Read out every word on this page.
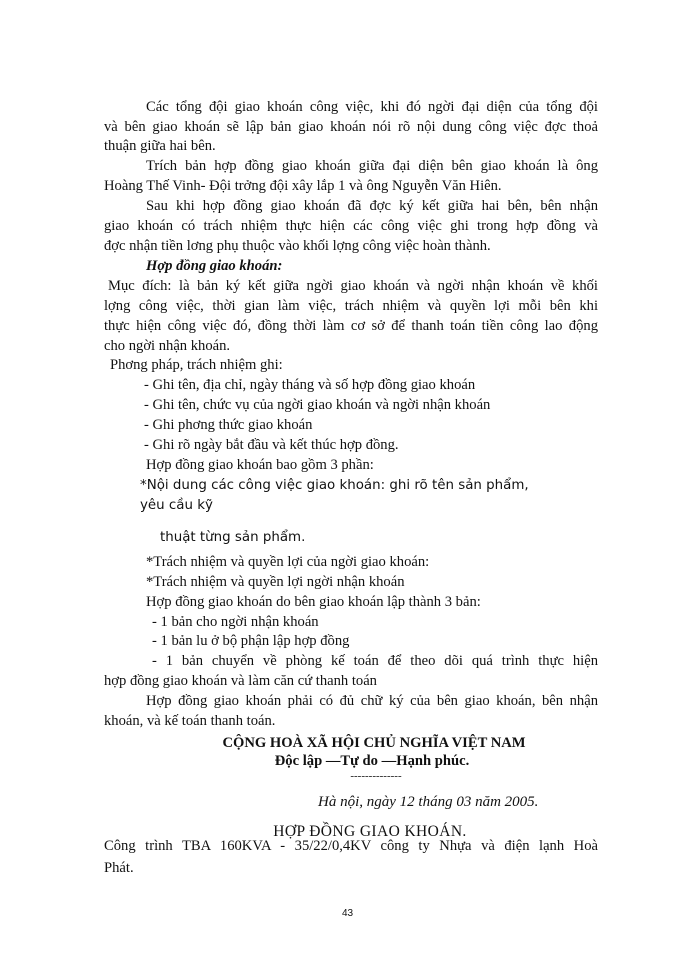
Các tổng đội giao khoán công việc, khi đó ngời đại diện của tổng đội
và bên giao khoán sẽ lập bản giao khoán nói rõ nội dung công việc đợc thoả
thuận giữa hai bên.
Trích bản hợp đồng giao khoán giữa đại diện bên giao khoán là ông
Hoàng Thế Vinh- Đội trởng đội xây lắp 1 và ông Nguyễn Văn Hiên.
Sau khi hợp đồng giao khoán đã đợc ký kết giữa hai bên, bên nhận
giao khoán có trách nhiệm thực hiện các công việc ghi trong hợp đồng và
đợc nhận tiền lơng phụ thuộc vào khối lợng công việc hoàn thành.
Hợp đồng giao khoán:
Mục đích: là bản ký kết giữa ngời giao khoán và ngời nhận khoán về khối
lợng công việc, thời gian làm việc, trách nhiệm và quyền lợi mỗi bên khi
thực hiện công việc đó, đồng thời làm cơ sở để thanh toán tiền công lao động
cho ngời nhận khoán.
Phơng pháp, trách nhiệm ghi:
- Ghi tên, địa chỉ, ngày tháng và số hợp đồng giao khoán
- Ghi tên, chức vụ của ngời giao khoán và ngời nhận khoán
- Ghi phơng thức giao khoán
- Ghi rõ ngày bắt đầu và kết thúc hợp đồng.
Hợp đồng giao khoán bao gồm 3 phần:
*Nội dung các công việc giao khoán: ghi rõ tên sản phẩm,
yêu cầu kỹ
thuật từng sản phẩm.
*Trách nhiệm và quyền lợi của ngời giao khoán:
*Trách nhiệm và quyền lợi ngời nhận khoán
Hợp đồng giao khoán do bên giao khoán lập thành 3 bản:
- 1 bản cho ngời nhận khoán
- 1 bản lu ở bộ phận lập hợp đồng
- 1 bản chuyển về phòng kế toán để theo dõi quá trình thực hiện
hợp đồng giao khoán và làm căn cứ thanh toán
Hợp đồng giao khoán phải có đủ chữ ký của bên giao khoán, bên nhận
khoán, và kế toán thanh toán.
CỘNG HOÀ XÃ HỘI CHỦ NGHĨA VIỆT NAM
Độc lập —Tự do —Hạnh phúc.
--------------
Hà nội, ngày 12 tháng 03 năm 2005.
HỢP ĐỒNG GIAO KHOÁN.
Công trình TBA 160KVA - 35/22/0,4KV công ty Nhựa và điện lạnh Hoà
Phát.
43
